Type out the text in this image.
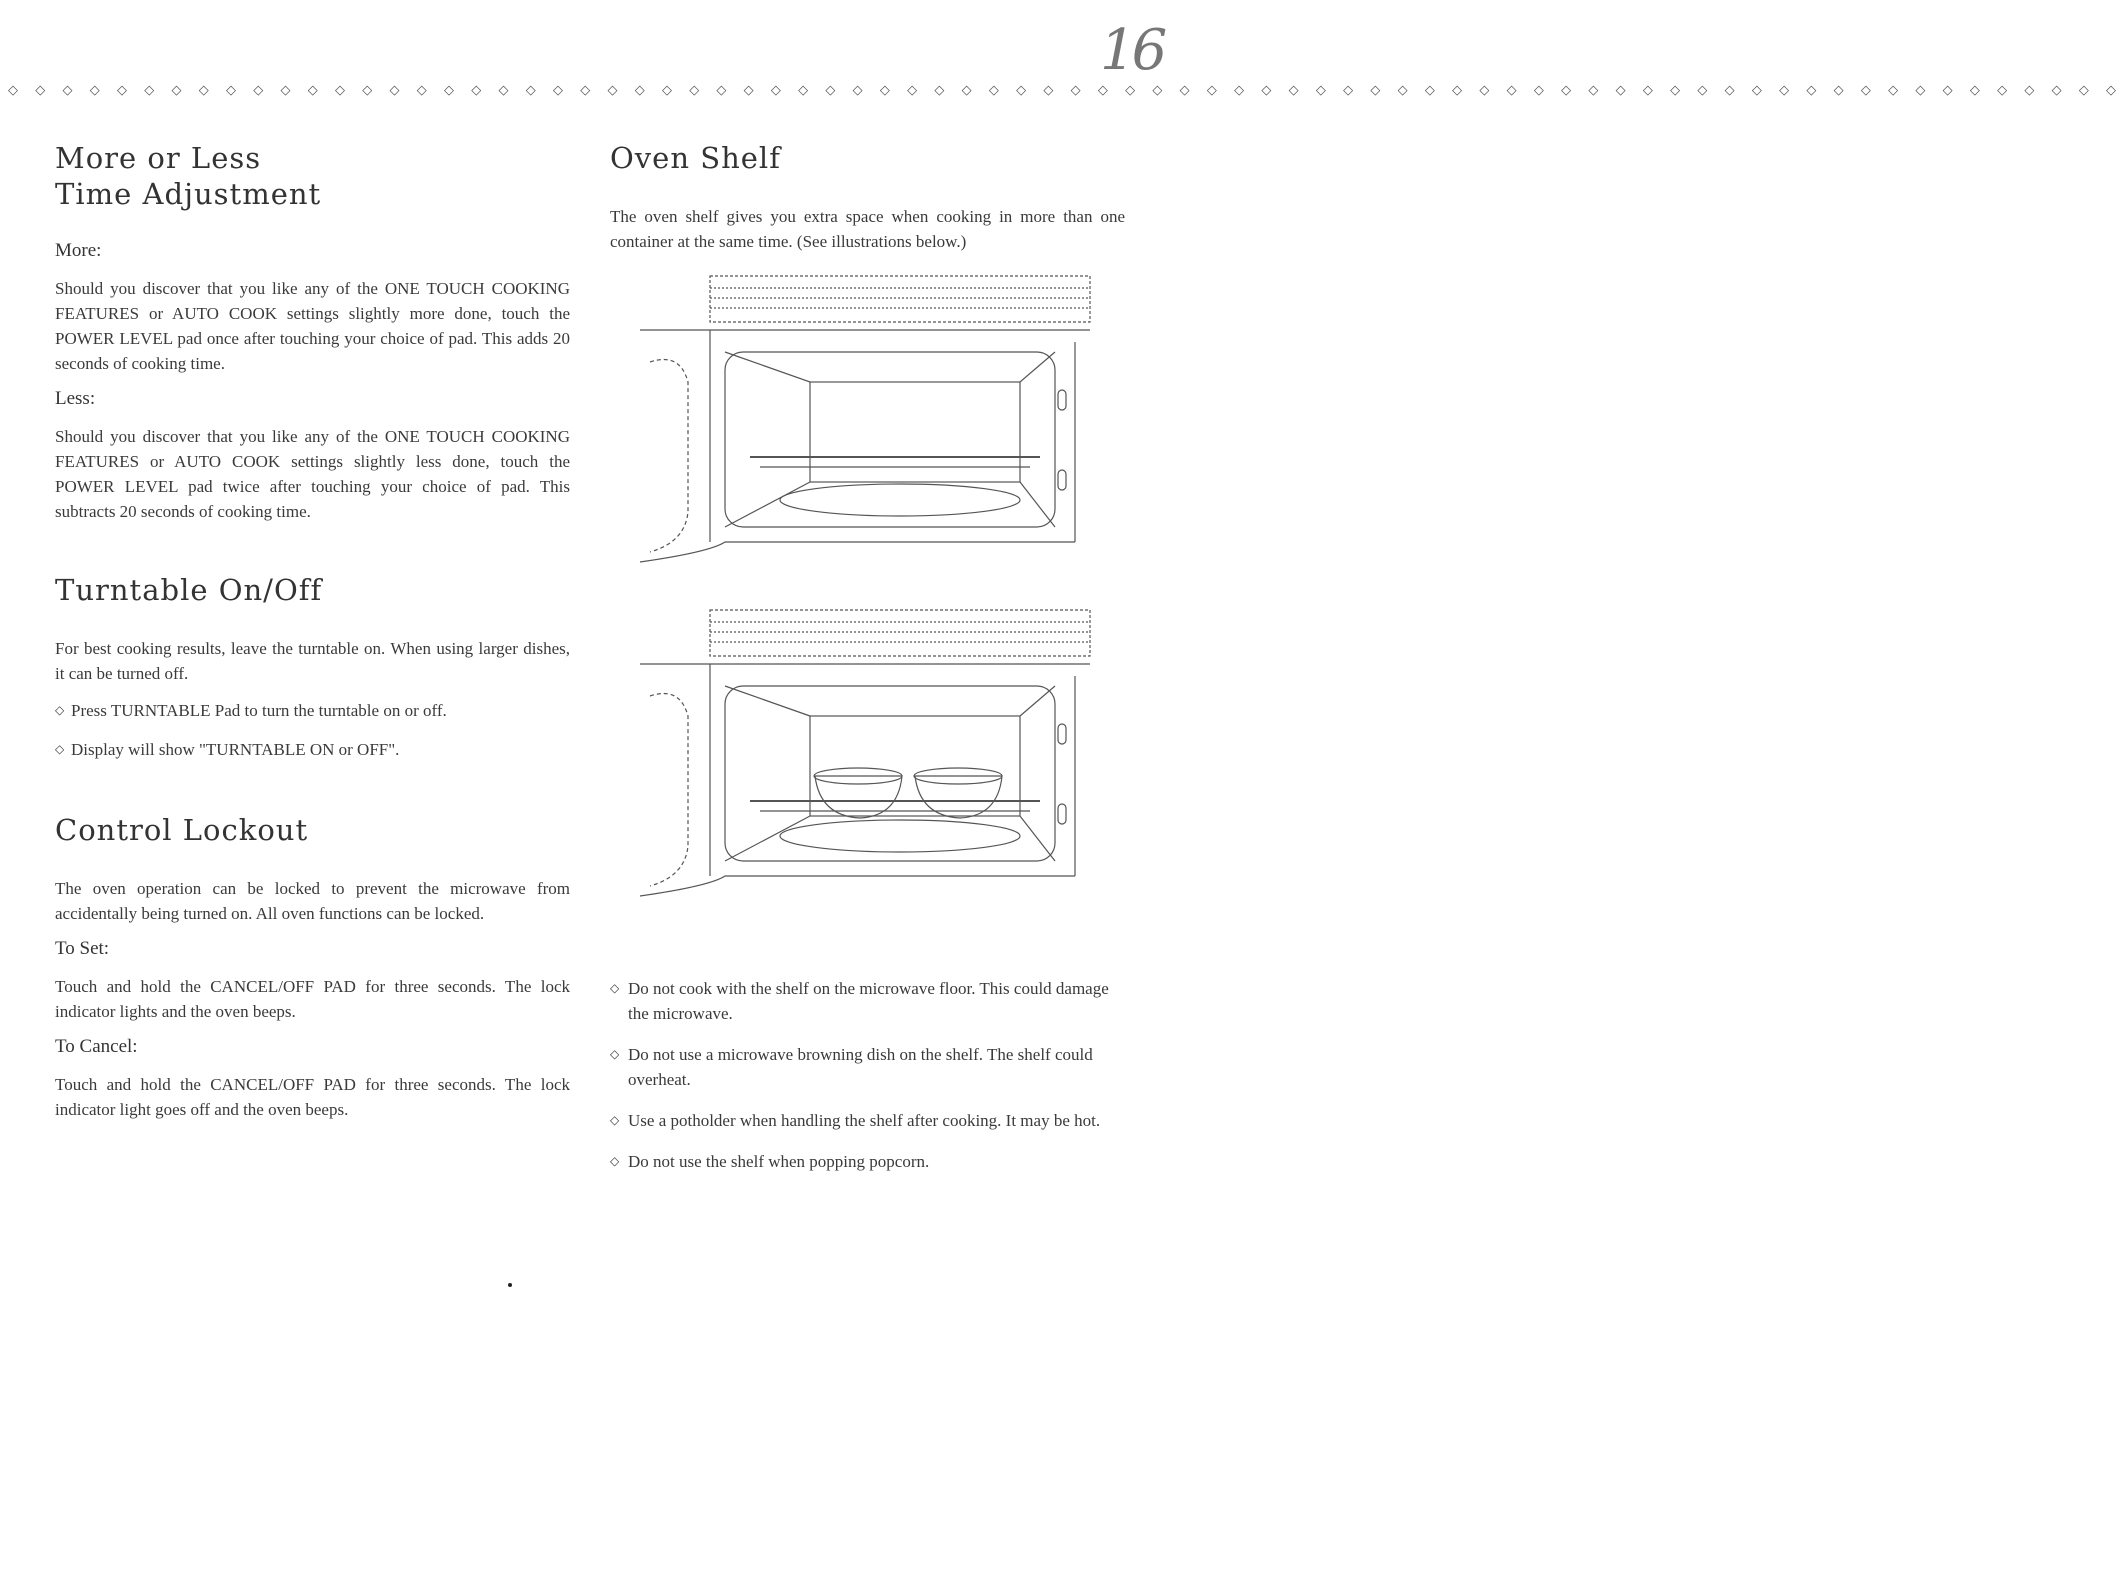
16
◇ ◇ ◇ ◇ ◇ ◇ ◇ ◇ ◇ ◇ ◇ ◇ ◇ ◇ ◇ ◇ ◇ ◇ ◇ ◇ ◇ ◇ ◇ ◇ ◇ ◇ ◇ ◇ ◇ ◇ ◇ ◇ ◇ ◇ ◇ ◇ ◇ ◇ ◇ ◇ ◇ ◇ ◇ ◇ ◇ ◇ ◇ ◇ ◇ ◇ ◇ ◇ ◇ ◇ ◇ ◇ ◇ ◇ ◇ ◇ ◇ ◇ ◇ ◇ ◇ ◇ ◇ ◇ ◇ ◇ ◇ ◇ ◇ ◇ ◇ ◇ ◇ ◇
More or Less
Time Adjustment
More:

Should you discover that you like any of the ONE TOUCH COOKING FEATURES or AUTO COOK settings slightly more done, touch the POWER LEVEL pad once after touching your choice of pad. This adds 20 seconds of cooking time.

Less:

Should you discover that you like any of the ONE TOUCH COOKING FEATURES or AUTO COOK settings slightly less done, touch the POWER LEVEL pad twice after touching your choice of pad. This subtracts 20 seconds of cooking time.

Turntable On/Off

For best cooking results, leave the turntable on. When using larger dishes, it can be turned off.

◇ Press TURNTABLE Pad to turn the turntable on or off.
◇ Display will show "TURNTABLE ON or OFF".
Control Lockout

The oven operation can be locked to prevent the microwave from accidentally being turned on. All oven functions can be locked.

To Set:

Touch and hold the CANCEL/OFF PAD for three seconds. The lock indicator lights and the oven beeps.

To Cancel:

Touch and hold the CANCEL/OFF PAD for three seconds. The lock indicator light goes off and the oven beeps.

Oven Shelf

The oven shelf gives you extra space when cooking in more than one container at the same time. (See illustrations below.)

◇ Do not cook with the shelf on the microwave floor. This could damage the microwave.
◇ Do not use a microwave browning dish on the shelf. The shelf could overheat.
◇ Use a potholder when handling the shelf after cooking. It may be hot.
◇ Do not use the shelf when popping popcorn.
